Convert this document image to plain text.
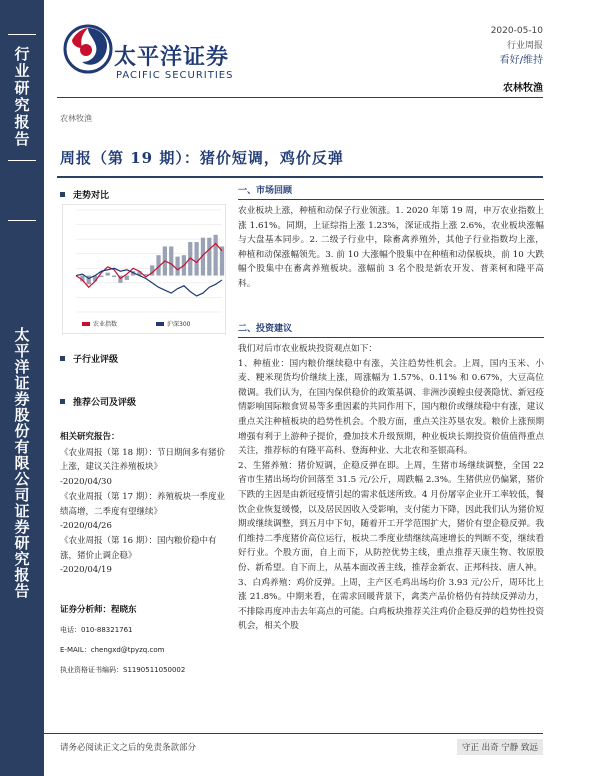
行业研究报告
太平洋证券股份有限公司证券研究报告
太平洋证券
PACIFIC SECURITIES
2020-05-10
行业周报
看好/维持
农林牧渔
农林牧渔
周报（第 19 期）：猪价短调，鸡价反弹
走势对比
农业指数	沪深300
子行业评级
推荐公司及评级
相关研究报告：
《农业周报（第 18 期）：节日期间多有猪价上涨，建议关注养殖板块》
-2020/04/30
《农业周报（第 17 期）：养殖板块一季度业绩高增，二季度有望继续》
-2020/04/26
《农业周报（第 16 期）：国内粮价稳中有涨，猪价止调企稳》
-2020/04/19
证券分析师：程晓东
电话：010-88321761
E-MAIL：chengxd@tpyzq.com
执业资格证书编码：S1190511050002
一、市场回顾

农业板块上涨，种植和动保子行业领涨。1. 2020 年第 19 周，申万农业指数上涨 1.61%。同期，上证综指上涨 1.23%，深证成指上涨 2.6%，农业板块涨幅与大盘基本同步。2. 二级子行业中，除畜禽养殖外，其他子行业指数均上涨，种植和动保涨幅领先。3. 前 10 大涨幅个股集中在种植和动保板块，前 10 大跌幅个股集中在畜禽养殖板块。涨幅前 3 名个股是新农开发、普莱柯和隆平高科。

二、投资建议

我们对后市农业板块投资观点如下：

1、种植业：国内粮价继续稳中有涨，关注趋势性机会。上周，国内玉米、小麦、粳米现货均价继续上涨，周涨幅为 1.57%、0.11% 和 0.67%，大豆高位微调。我们认为，在国内保供稳价的政策基调、非洲沙漠蝗虫侵袭隐忧、新冠疫情影响国际粮食贸易等多重因素的共同作用下，国内粮价或继续稳中有涨，建议重点关注种植板块的趋势性机会。个股方面，重点关注苏垦农发。粮价上涨预期增强有利于上游种子提价，叠加技术升级预期，种业板块长期投资价值值得重点关注，推荐标的有隆平高科、登海种业、大北农和荃银高科。

2、生猪养殖：猪价短调，企稳反弹在即。上周，生猪市场继续调整，全国 22 省市生猪出场均价回落至 31.5 元/公斤，周跌幅 2.3%。生猪供应仍偏紧，猪价下跌的主因是由新冠疫情引起的需求低迷所致。4 月份屠宰企业开工率较低，餐饮企业恢复缓慢，以及居民因收入受影响，支付能力下降，因此我们认为猪价短期或继续调整，到五月中下旬，随着开工开学范围扩大，猪价有望企稳反弹。我们维持二季度猪价高位运行，板块二季度业绩继续高速增长的判断不变，继续看好行业。个股方面，自上而下，从防控优势主线，重点推荐天康生物、牧原股份、新希望。自下而上，从基本面改善主线，推荐金新农、正邦科技、唐人神。

3、白鸡养殖：鸡价反弹。上周，主产区毛鸡出场均价 3.93 元/公斤，周环比上涨 21.8%。中期来看，在需求回暖背景下，禽类产品价格仍有持续反弹动力，不排除再度冲击去年高点的可能。白鸡板块推荐关注鸡价企稳反弹的趋势性投资机会，相关个股

请务必阅读正文之后的免责条款部分	守正 出奇 宁静 致远
